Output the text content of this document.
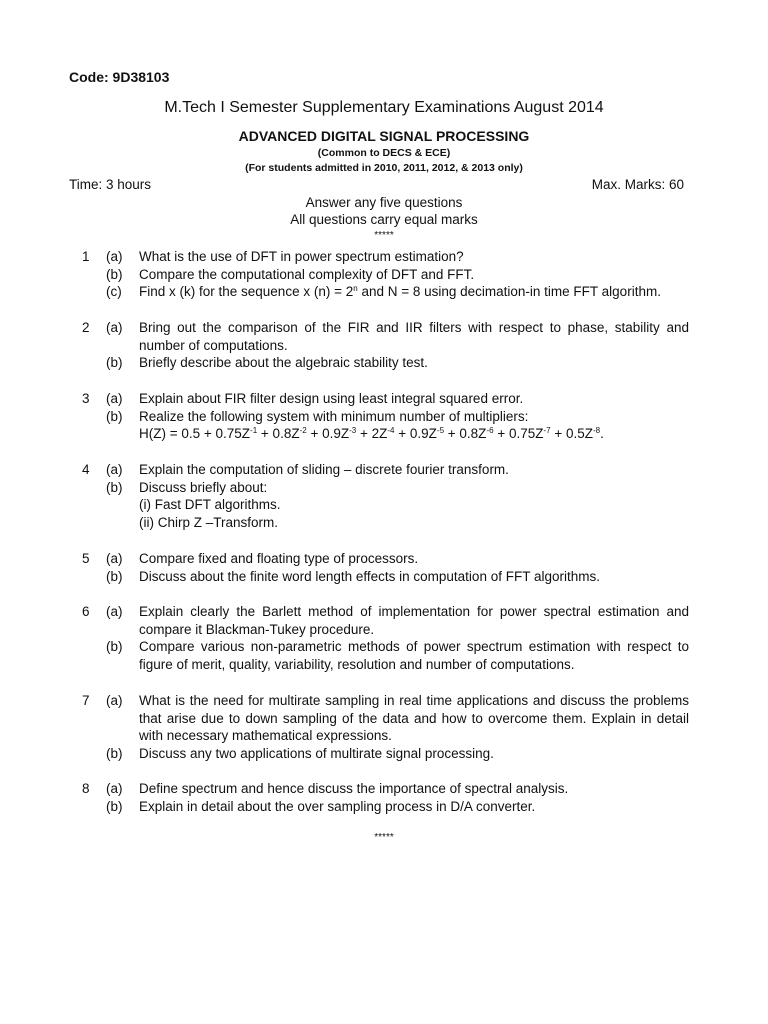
Code: 9D38103
M.Tech I Semester Supplementary Examinations August 2014
ADVANCED DIGITAL SIGNAL PROCESSING
(Common to DECS & ECE)
(For students admitted in 2010, 2011, 2012, & 2013 only)
Time: 3 hours	Max. Marks: 60
Answer any five questions
All questions carry equal marks
*****
1 (a) What is the use of DFT in power spectrum estimation?
(b) Compare the computational complexity of DFT and FFT.
(c) Find x (k) for the sequence x $(n) = 2^n$ and N = 8 using decimation-in time FFT algorithm.
2 (a) Bring out the comparison of the FIR and IIR filters with respect to phase, stability and number of computations.
(b) Briefly describe about the algebraic stability test.
3 (a) Explain about FIR filter design using least integral squared error.
(b) Realize the following system with minimum number of multipliers:
$H(Z) = 0.5 + 0.75Z^{-1} + 0.8Z^{-2} + 0.9Z^{-3} + 2Z^{-4} + 0.9Z^{-5} + 0.8Z^{-6} + 0.75Z^{-7} + 0.5Z^{-8}$.
4 (a) Explain the computation of sliding – discrete fourier transform.
(b) Discuss briefly about:
(i) Fast DFT algorithms.
(ii) Chirp Z –Transform.
5 (a) Compare fixed and floating type of processors.
(b) Discuss about the finite word length effects in computation of FFT algorithms.
6 (a) Explain clearly the Barlett method of implementation for power spectral estimation and compare it Blackman-Tukey procedure.
(b) Compare various non-parametric methods of power spectrum estimation with respect to figure of merit, quality, variability, resolution and number of computations.
7 (a) What is the need for multirate sampling in real time applications and discuss the problems that arise due to down sampling of the data and how to overcome them. Explain in detail with necessary mathematical expressions.
(b) Discuss any two applications of multirate signal processing.
8 (a) Define spectrum and hence discuss the importance of spectral analysis.
(b) Explain in detail about the over sampling process in D/A converter.
*****
